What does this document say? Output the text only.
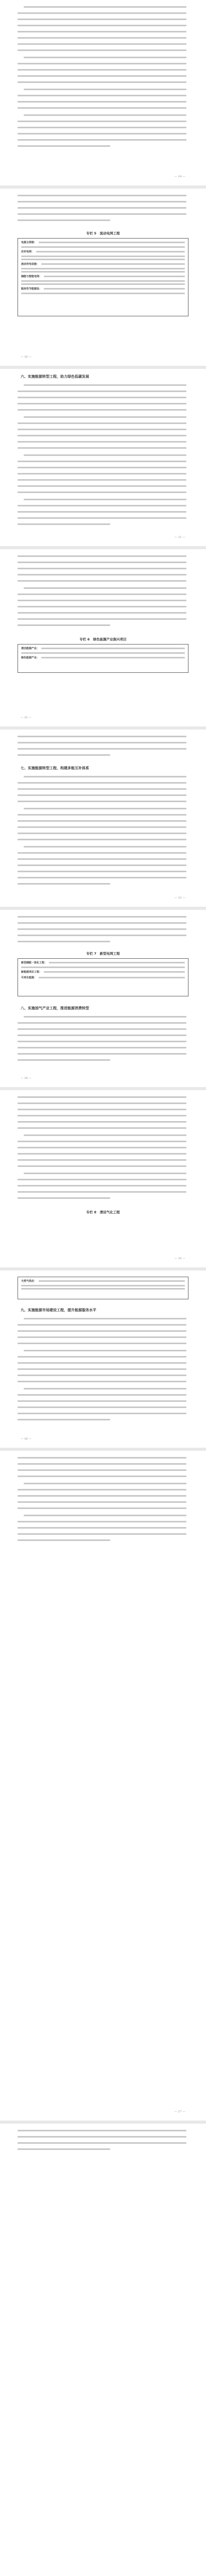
— 19 —
专栏 5　流动电网工程
电源主网架：
农村电网：
流动充电设施：
储能与智能电网：
服务性节能建设：
— 20 —
六、实施能源转型工程，助力绿色低碳发展
— 21 —
专栏 6　绿色能源产业振兴项目
清洁能源产业：
绿色能源产业：
— 22 —
七、实施能源转型工程，构建多能互补体系
— 23 —
专栏 7　新型电网工程
新型储能一体化工程：
新能源项目工程：
可再生能源：
八、实施油气产业工程，推进能源消费转型
— 24 —
专栏 8　清洁气化工程
— 25 —
天然气供应：
九、实施能源市场建设工程，提升能源服务水平
— 26 —
— 27 —
